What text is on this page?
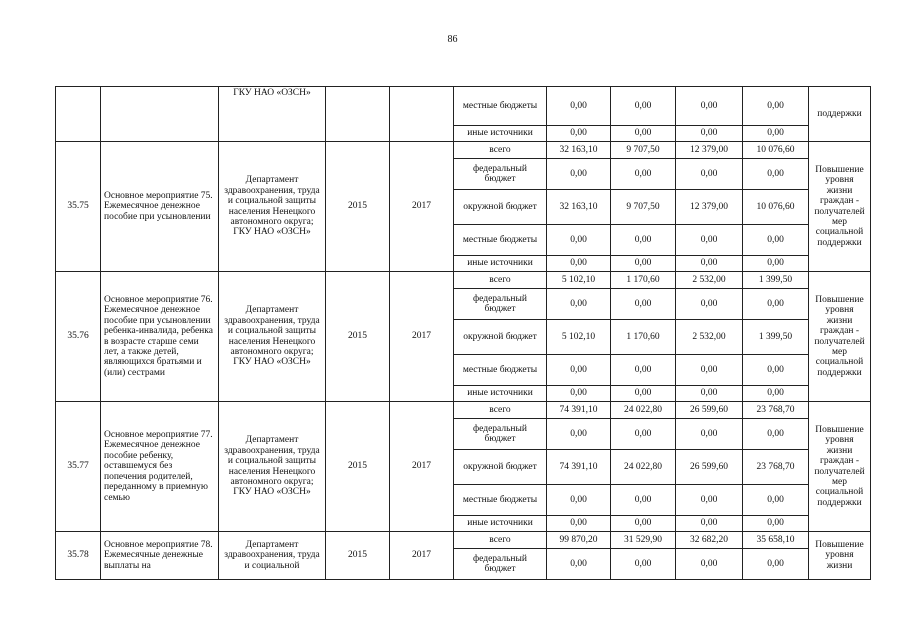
86
		ГКУ НАО «ОЗСН»			местные бюджеты	0,00	0,00	0,00	0,00	поддержки
					иные источники	0,00	0,00	0,00	0,00	
35.75	Основное мероприятие 75. Ежемесячное денежное пособие при усыновлении	Департамент здравоохранения, труда и социальной защиты населения Ненецкого автономного округа; ГКУ НАО «ОЗСН»	2015	2017	всего	32 163,10	9 707,50	12 379,00	10 076,60	Повышение уровня жизни граждан - получателей мер социальной поддержки
					федеральный бюджет	0,00	0,00	0,00	0,00	
					окружной бюджет	32 163,10	9 707,50	12 379,00	10 076,60	
					местные бюджеты	0,00	0,00	0,00	0,00	
					иные источники	0,00	0,00	0,00	0,00	
35.76	Основное мероприятие 76. Ежемесячное денежное пособие при усыновлении ребенка-инвалида, ребенка в возрасте старше семи лет, а также детей, являющихся братьями и (или) сестрами	Департамент здравоохранения, труда и социальной защиты населения Ненецкого автономного округа; ГКУ НАО «ОЗСН»	2015	2017	всего	5 102,10	1 170,60	2 532,00	1 399,50	Повышение уровня жизни граждан - получателей мер социальной поддержки
					федеральный бюджет	0,00	0,00	0,00	0,00	
					окружной бюджет	5 102,10	1 170,60	2 532,00	1 399,50	
					местные бюджеты	0,00	0,00	0,00	0,00	
					иные источники	0,00	0,00	0,00	0,00	
35.77	Основное мероприятие 77. Ежемесячное денежное пособие ребенку, оставшемуся без попечения родителей, переданному в приемную семью	Департамент здравоохранения, труда и социальной защиты населения Ненецкого автономного округа; ГКУ НАО «ОЗСН»	2015	2017	всего	74 391,10	24 022,80	26 599,60	23 768,70	Повышение уровня жизни граждан - получателей мер социальной поддержки
					федеральный бюджет	0,00	0,00	0,00	0,00	
					окружной бюджет	74 391,10	24 022,80	26 599,60	23 768,70	
					местные бюджеты	0,00	0,00	0,00	0,00	
					иные источники	0,00	0,00	0,00	0,00	
35.78	Основное мероприятие 78. Ежемесячные денежные выплаты на	Департамент здравоохранения, труда и социальной	2015	2017	всего	99 870,20	31 529,90	32 682,20	35 658,10	Повышение уровня жизни
					федеральный бюджет	0,00	0,00	0,00	0,00	
